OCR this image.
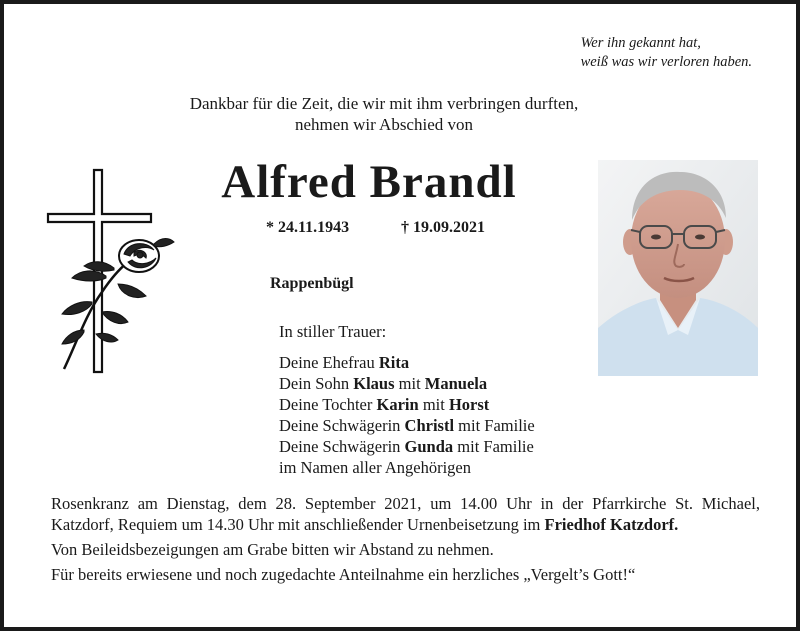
Wer ihn gekannt hat,
weiß was wir verloren haben.
Dankbar für die Zeit, die wir mit ihm verbringen durften,
nehmen wir Abschied von
Alfred Brandl
* 24.11.1943	† 19.09.2021
Rappenbügl
In stiller Trauer:
Deine Ehefrau Rita
Dein Sohn Klaus mit Manuela
Deine Tochter Karin mit Horst
Deine Schwägerin Christl mit Familie
Deine Schwägerin Gunda mit Familie
im Namen aller Angehörigen

Rosenkranz am Dienstag, dem 28. September 2021, um 14.00 Uhr in der Pfarrkirche St. Michael, Katzdorf, Requiem um 14.30 Uhr mit anschließender Urnenbeisetzung im Friedhof Katzdorf.

Von Beileidsbezeigungen am Grabe bitten wir Abstand zu nehmen.

Für bereits erwiesene und noch zugedachte Anteilnahme ein herzliches „Vergelt’s Gott!“
